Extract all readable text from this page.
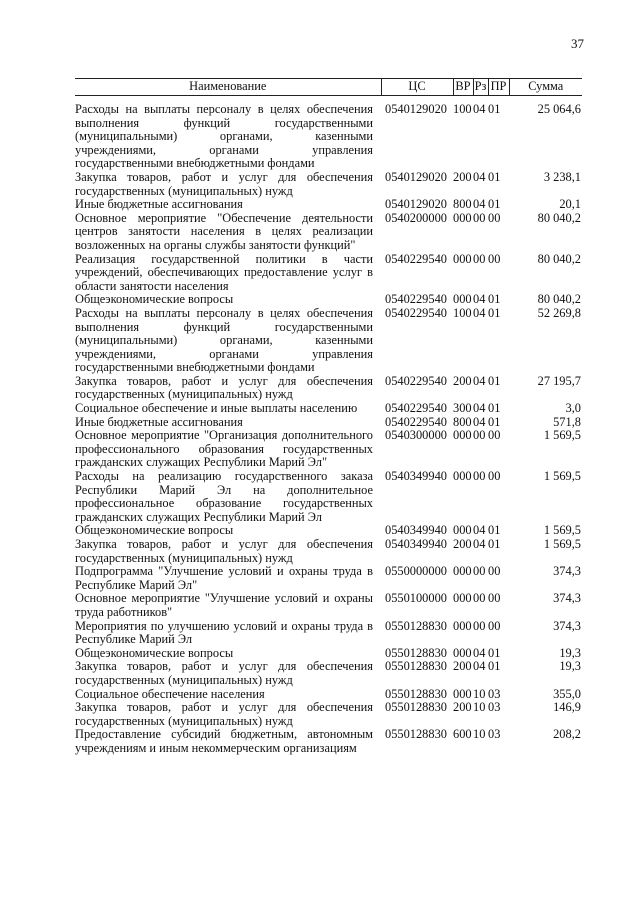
37
Наименование	ЦС	ВР	Рз	ПР	Сумма
Расходы на выплаты персоналу в целях обеспечения выполнения функций государственными (муниципальными) органами, казенными учреждениями, органами управления государственными внебюджетными фондами	0540129020	100	04	01	25 064,6
Закупка товаров, работ и услуг для обеспечения государственных (муниципальных) нужд	0540129020	200	04	01	3 238,1
Иные бюджетные ассигнования	0540129020	800	04	01	20,1
Основное мероприятие "Обеспечение деятельности центров занятости населения в целях реализации возложенных на органы службы занятости функций"	0540200000	000	00	00	80 040,2
Реализация государственной политики в части учреждений, обеспечивающих предоставление услуг в области занятости населения	0540229540	000	00	00	80 040,2
Общеэкономические вопросы	0540229540	000	04	01	80 040,2
Расходы на выплаты персоналу в целях обеспечения выполнения функций государственными (муниципальными) органами, казенными учреждениями, органами управления государственными внебюджетными фондами	0540229540	100	04	01	52 269,8
Закупка товаров, работ и услуг для обеспечения государственных (муниципальных) нужд	0540229540	200	04	01	27 195,7
Социальное обеспечение и иные выплаты населению	0540229540	300	04	01	3,0
Иные бюджетные ассигнования	0540229540	800	04	01	571,8
Основное мероприятие "Организация дополнительного профессионального образования государственных гражданских служащих Республики Марий Эл"	0540300000	000	00	00	1 569,5
Расходы на реализацию государственного заказа Республики Марий Эл на дополнительное профессиональное образование государственных гражданских служащих Республики Марий Эл	0540349940	000	00	00	1 569,5
Общеэкономические вопросы	0540349940	000	04	01	1 569,5
Закупка товаров, работ и услуг для обеспечения государственных (муниципальных) нужд	0540349940	200	04	01	1 569,5
Подпрограмма "Улучшение условий и охраны труда в Республике Марий Эл"	0550000000	000	00	00	374,3
Основное мероприятие "Улучшение условий и охраны труда работников"	0550100000	000	00	00	374,3
Мероприятия по улучшению условий и охраны труда в Республике Марий Эл	0550128830	000	00	00	374,3
Общеэкономические вопросы	0550128830	000	04	01	19,3
Закупка товаров, работ и услуг для обеспечения государственных (муниципальных) нужд	0550128830	200	04	01	19,3
Социальное обеспечение населения	0550128830	000	10	03	355,0
Закупка товаров, работ и услуг для обеспечения государственных (муниципальных) нужд	0550128830	200	10	03	146,9
Предоставление субсидий бюджетным, автономным учреждениям и иным некоммерческим организациям	0550128830	600	10	03	208,2
